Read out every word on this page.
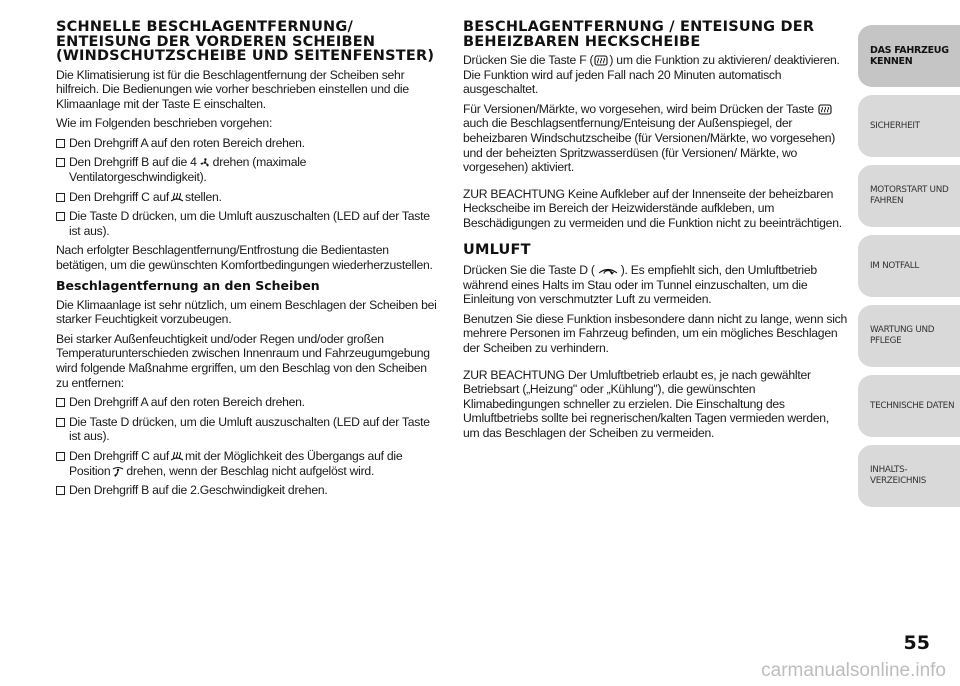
SCHNELLE BESCHLAGENTFERNUNG/ ENTEISUNG DER VORDEREN SCHEIBEN (WINDSCHUTZSCHEIBE UND SEITENFENSTER)

Die Klimatisierung ist für die Beschlagentfernung der Scheiben sehr hilfreich. Die Bedienungen wie vorher beschrieben einstellen und die Klimaanlage mit der Taste E einschalten.

Wie im Folgenden beschrieben vorgehen:

Den Drehgriff A auf den roten Bereich drehen.
Den Drehgriff B auf die 4 drehen (maximale Ventilatorgeschwindigkeit).
Den Drehgriff C auf stellen.
Die Taste D drücken, um die Umluft auszuschalten (LED auf der Taste ist aus).

Nach erfolgter Beschlagentfernung/Entfrostung die Bedientasten betätigen, um die gewünschten Komfortbedingungen wiederherzustellen.

Beschlagentfernung an den Scheiben

Die Klimaanlage ist sehr nützlich, um einem Beschlagen der Scheiben bei starker Feuchtigkeit vorzubeugen.

Bei starker Außenfeuchtigkeit und/oder Regen und/oder großen Temperaturunterschieden zwischen Innenraum und Fahrzeugumgebung wird folgende Maßnahme ergriffen, um den Beschlag von den Scheiben zu entfernen:

Den Drehgriff A auf den roten Bereich drehen.
Die Taste D drücken, um die Umluft auszuschalten (LED auf der Taste ist aus).
Den Drehgriff C auf mit der Möglichkeit des Übergangs auf die Position drehen, wenn der Beschlag nicht aufgelöst wird.
Den Drehgriff B auf die 2.Geschwindigkeit drehen.
BESCHLAGENTFERNUNG / ENTEISUNG DER BEHEIZBAREN HECKSCHEIBE

Drücken Sie die Taste F ( ) um die Funktion zu aktivieren/ deaktivieren. Die Funktion wird auf jeden Fall nach 20 Minuten automatisch ausgeschaltet.

Für Versionen/Märkte, wo vorgesehen, wird beim Drücken der Taste auch die Beschlagsentfernung/Enteisung der Außenspiegel, der beheizbaren Windschutzscheibe (für Versionen/Märkte, wo vorgesehen) und der beheizten Spritzwasserdüsen (für Versionen/ Märkte, wo vorgesehen) aktiviert.

ZUR BEACHTUNG Keine Aufkleber auf der Innenseite der beheizbaren Heckscheibe im Bereich der Heizwiderstände aufkleben, um Beschädigungen zu vermeiden und die Funktion nicht zu beeinträchtigen.

UMLUFT

Drücken Sie die Taste D ( ). Es empfiehlt sich, den Umluftbetrieb während eines Halts im Stau oder im Tunnel einzuschalten, um die Einleitung von verschmutzter Luft zu vermeiden.

Benutzen Sie diese Funktion insbesondere dann nicht zu lange, wenn sich mehrere Personen im Fahrzeug befinden, um ein mögliches Beschlagen der Scheiben zu verhindern.

ZUR BEACHTUNG Der Umluftbetrieb erlaubt es, je nach gewählter Betriebsart („Heizung" oder „Kühlung"), die gewünschten Klimabedingungen schneller zu erzielen. Die Einschaltung des Umluftbetriebs sollte bei regnerischen/kalten Tagen vermieden werden, um das Beschlagen der Scheiben zu vermeiden.

DAS FAHRZEUG KENNEN
SICHERHEIT
MOTORSTART UND FAHREN
IM NOTFALL
WARTUNG UND PFLEGE
TECHNISCHE DATEN
INHALTS- VERZEICHNIS
55
carmanualsonline.info
